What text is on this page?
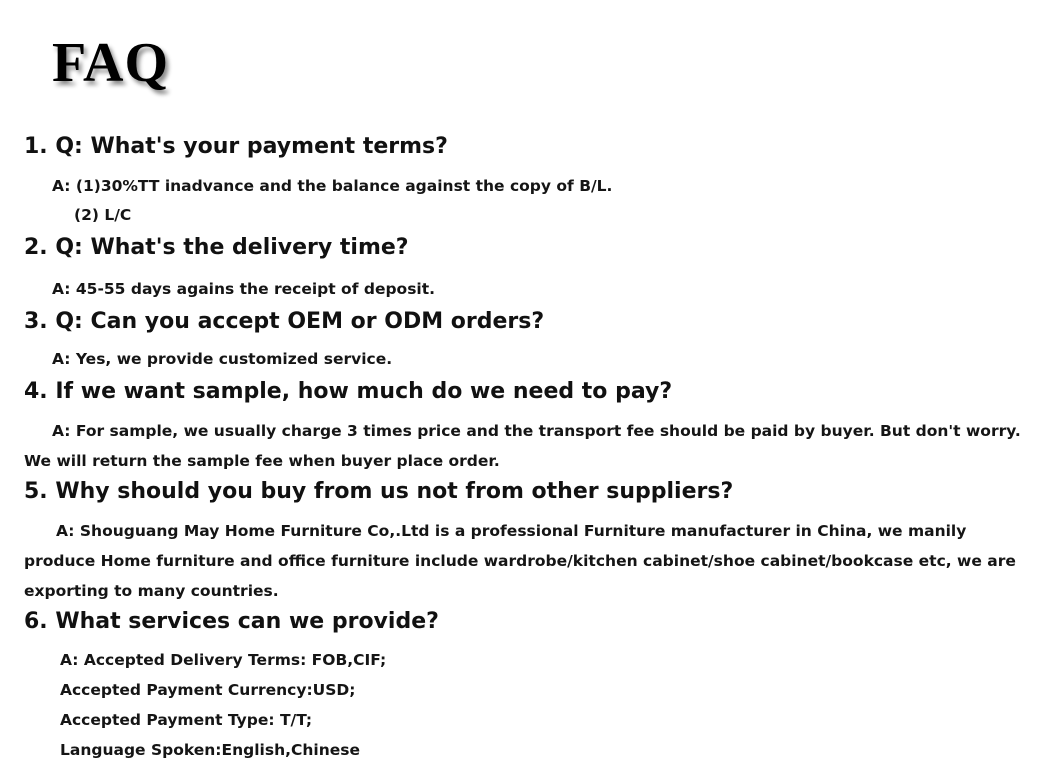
FAQ
1. Q: What's your payment terms?
A: (1)30%TT inadvance and the balance against the copy of B/L.
(2) L/C
2. Q: What's the delivery time?
A: 45-55 days agains the receipt of deposit.
3. Q: Can you accept OEM or ODM orders?
A: Yes, we provide customized service.
4. If we want sample, how much do we need to pay?

A: For sample, we usually charge 3 times price and the transport fee should be paid by buyer. But don't worry. We will return the sample fee when buyer place order.

5. Why should you buy from us not from other suppliers?

A: Shouguang May Home Furniture Co,.Ltd is a professional Furniture manufacturer in China, we manily produce Home furniture and office furniture include wardrobe/kitchen cabinet/shoe cabinet/bookcase etc, we are exporting to many countries.

6. What services can we provide?
A: Accepted Delivery Terms: FOB,CIF;
Accepted Payment Currency:USD;
Accepted Payment Type: T/T;
Language Spoken:English,Chinese
